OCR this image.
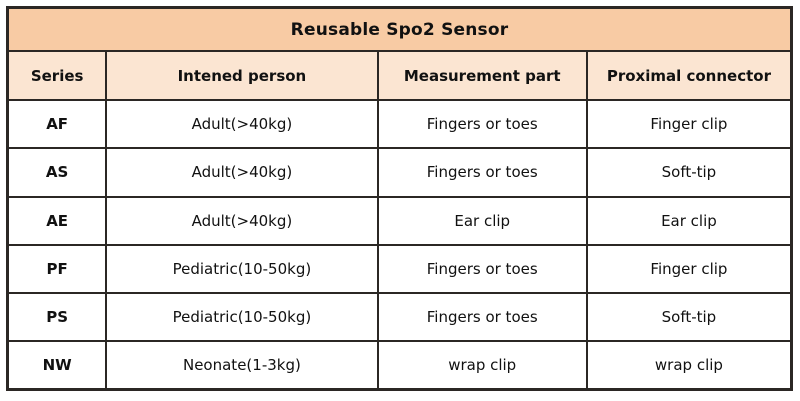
Reusable Spo2 Sensor			
Series	Intened person	Measurement part	Proximal connector
AF	Adult(>40kg)	Fingers or toes	Finger clip
AS	Adult(>40kg)	Fingers or toes	Soft-tip
AE	Adult(>40kg)	Ear clip	Ear clip
PF	Pediatric(10-50kg)	Fingers or toes	Finger clip
PS	Pediatric(10-50kg)	Fingers or toes	Soft-tip
NW	Neonate(1-3kg)	wrap clip	wrap clip
